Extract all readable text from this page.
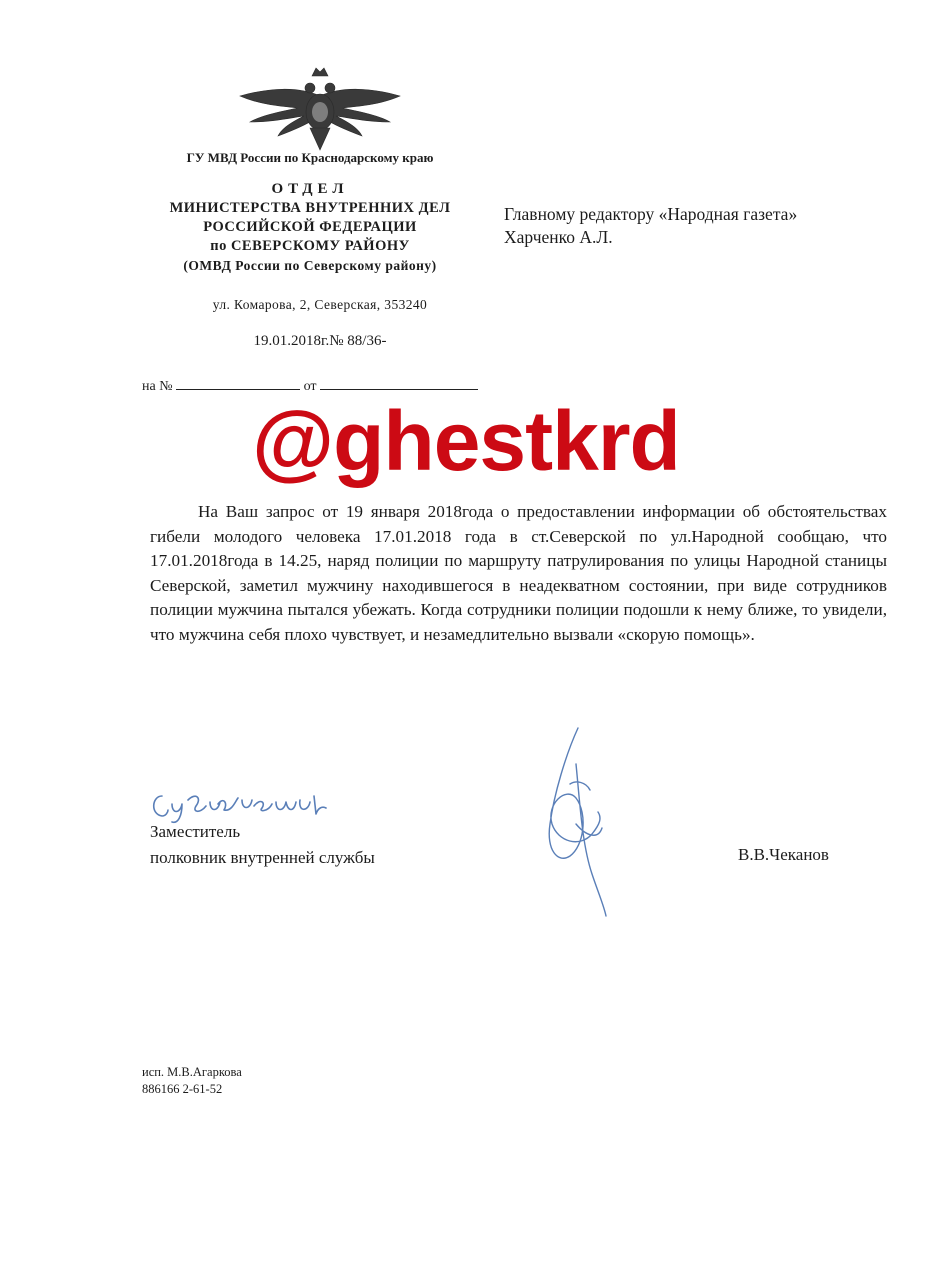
ГУ МВД России по Краснодарскому краю
ОТДЕЛ
МИНИСТЕРСТВА ВНУТРЕННИХ ДЕЛ
РОССИЙСКОЙ ФЕДЕРАЦИИ
по СЕВЕРСКОМУ РАЙОНУ
(ОМВД России по Северскому району)
ул. Комарова, 2, Северская, 353240
19.01.2018г.№ 88/36-
на №	от
Главному редактору «Народная газета»
Харченко А.Л.
@ghestkrd

На Ваш запрос от 19 января 2018года о предоставлении информации об обстоятельствах гибели молодого человека 17.01.2018 года в ст.Северской по ул.Народной сообщаю, что 17.01.2018года в 14.25, наряд полиции по маршруту патрулирования по улицы Народной станицы Северской, заметил мужчину находившегося в неадекватном состоянии, при виде сотрудников полиции мужчина пытался убежать. Когда сотрудники полиции подошли к нему ближе, то увидели, что мужчина себя плохо чувствует, и незамедлительно вызвали «скорую помощь».

Заместитель
полковник внутренней службы	В.В.Чеканов
исп. М.В.Агаркова
886166 2-61-52
